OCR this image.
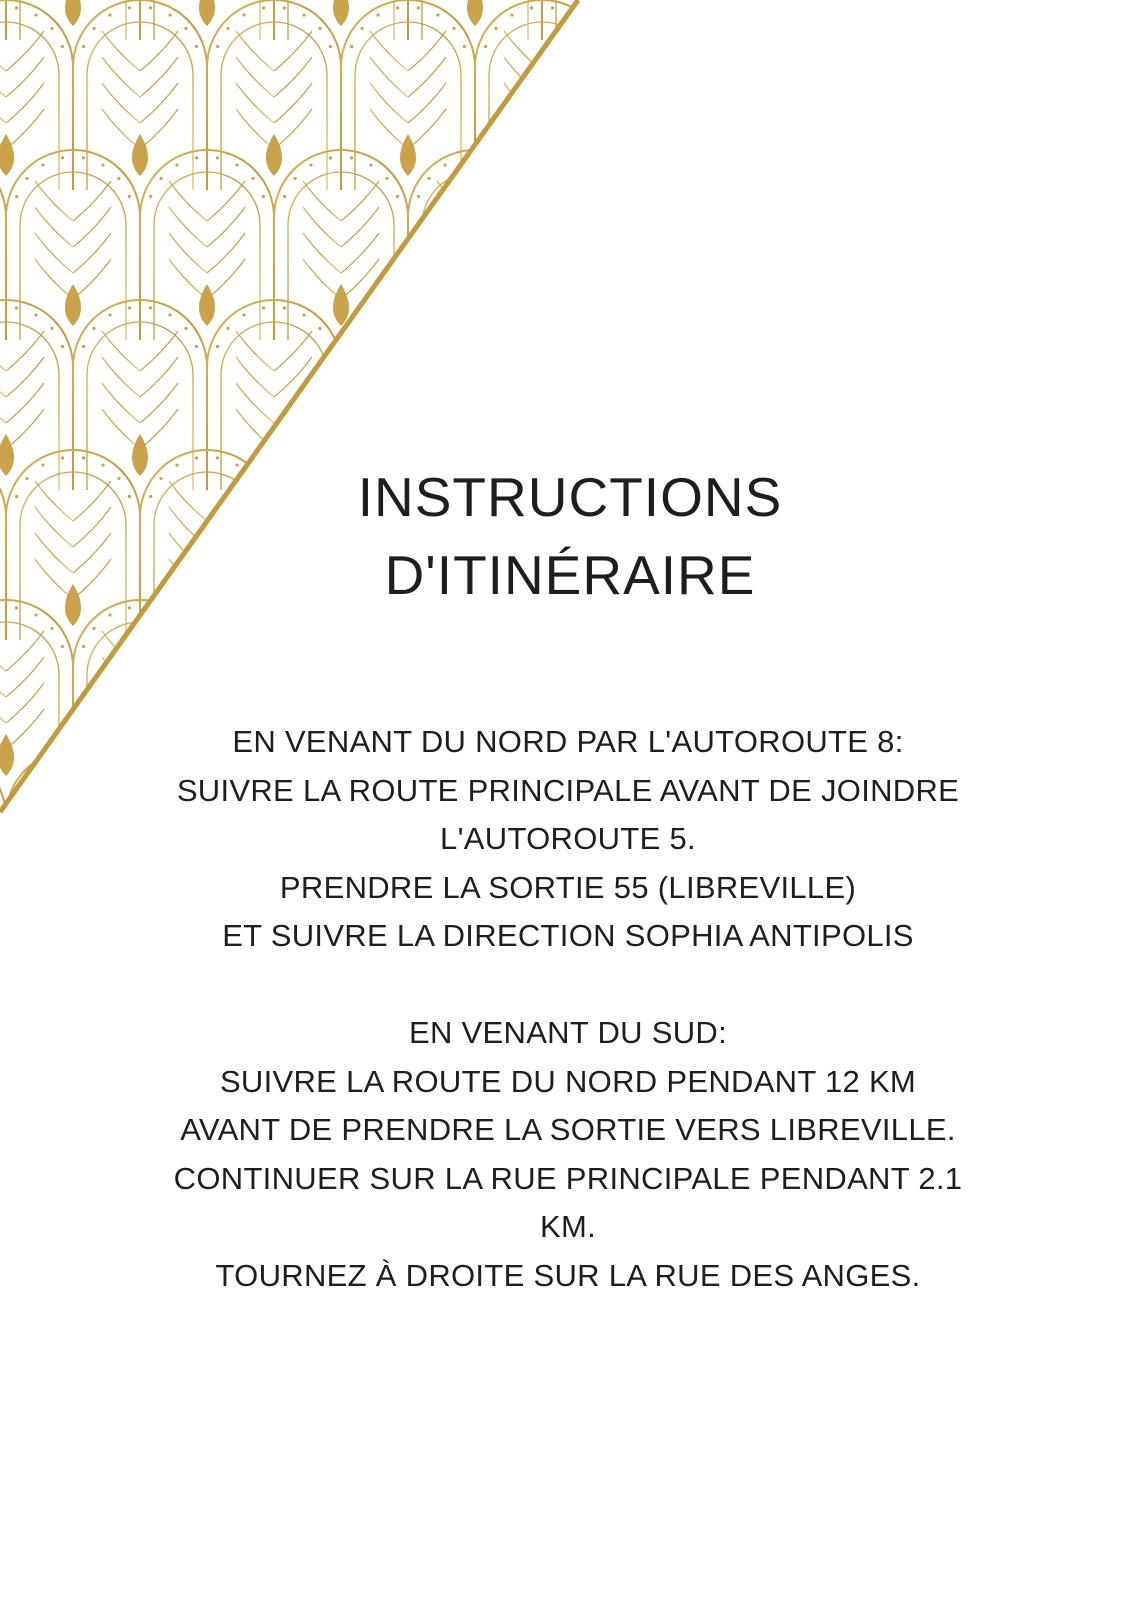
INSTRUCTIONS
D'ITINÉRAIRE
EN VENANT DU NORD PAR L'AUTOROUTE 8:
SUIVRE LA ROUTE PRINCIPALE AVANT DE JOINDRE
L'AUTOROUTE 5.
PRENDRE LA SORTIE 55 (LIBREVILLE)
ET SUIVRE LA DIRECTION SOPHIA ANTIPOLIS
EN VENANT DU SUD:
SUIVRE LA ROUTE DU NORD PENDANT 12 KM
AVANT DE PRENDRE LA SORTIE VERS LIBREVILLE.
CONTINUER SUR LA RUE PRINCIPALE PENDANT 2.1
KM.
TOURNEZ À DROITE SUR LA RUE DES ANGES.
